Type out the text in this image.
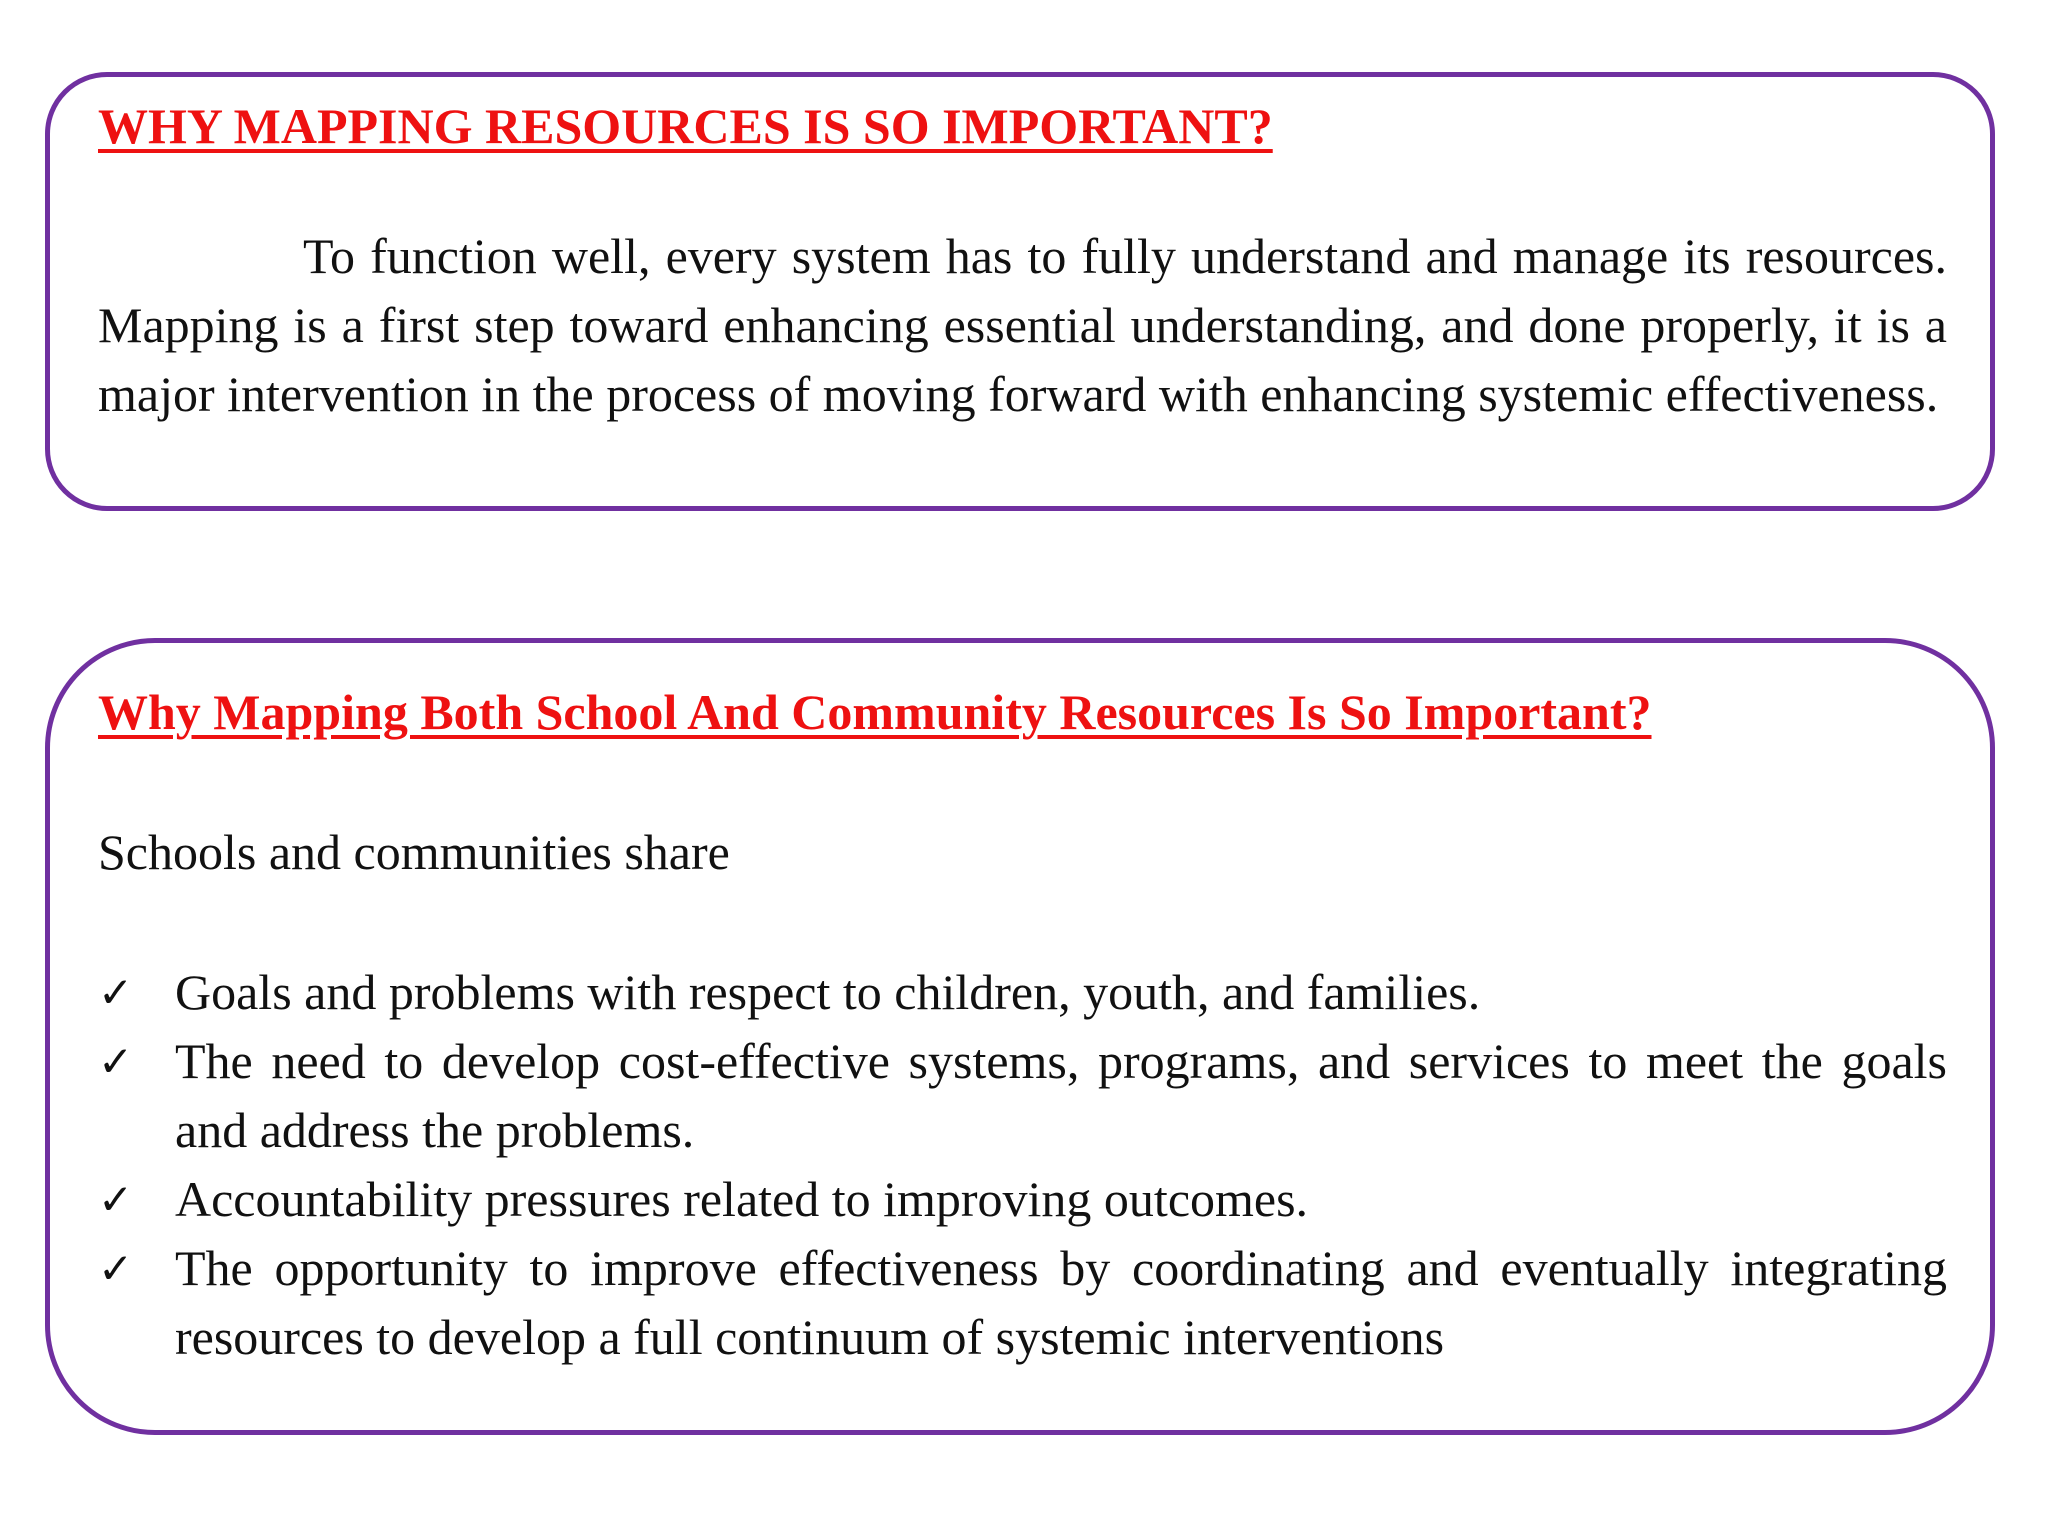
WHY MAPPING RESOURCES IS SO IMPORTANT?

To function well, every system has to fully understand and manage its resources. Mapping is a first step toward enhancing essential understanding, and done properly, it is a major intervention in the process of moving forward with enhancing systemic effectiveness.

Why Mapping Both School And Community Resources Is So Important?

Schools and communities share

✓ Goals and problems with respect to children, youth, and families.
✓ The need to develop cost-effective systems, programs, and services to meet the goals and address the problems.
✓ Accountability pressures related to improving outcomes.
✓ The opportunity to improve effectiveness by coordinating and eventually integrating resources to develop a full continuum of systemic interventions
